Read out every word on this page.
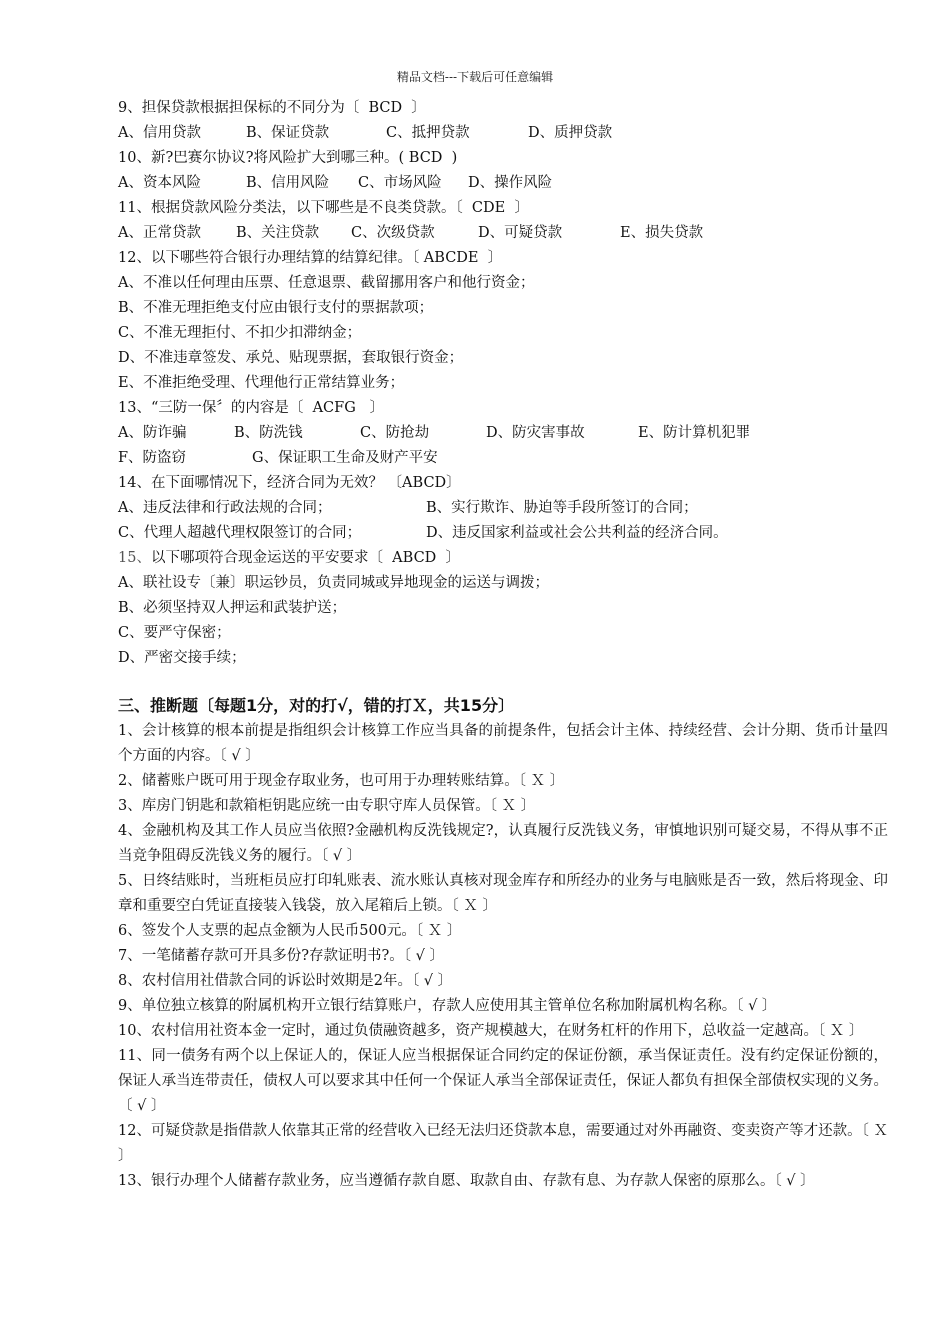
精品文档---下载后可任意编辑
9、担保贷款根据担保标的不同分为〔  BCD  〕
A、信用贷款	B、保证贷款	C、抵押贷款	D、质押贷款
10、新?巴赛尔协议?将风险扩大到哪三种。( BCD  )
A、资本风险	B、信用风险 C、市场风险 D、操作风险
11、根据贷款风险分类法，以下哪些是不良类贷款。〔  CDE  〕
A、正常贷款 B、关注贷款 C、次级贷款	D、可疑贷款	E、损失贷款
12、以下哪些符合银行办理结算的结算纪律。〔 ABCDE  〕
A、不准以任何理由压票、任意退票、截留挪用客户和他行资金；
B、不准无理拒绝支付应由银行支付的票据款项；
C、不准无理拒付、不扣少扣滞纳金；
D、不准违章签发、承兑、贴现票据，套取银行资金；
E、不准拒绝受理、代理他行正常结算业务；
13、“三防一保〞的内容是〔  ACFG   〕
A、防诈骗	B、防洗钱	C、防抢劫	D、防灾害事故	E、防计算机犯罪
F、防盗窃	G、保证职工生命及财产平安
14、在下面哪情况下，经济合同为无效？ 〔ABCD〕
A、违反法律和行政法规的合同；	B、实行欺诈、胁迫等手段所签订的合同；
C、代理人超越代理权限签订的合同；	D、违反国家利益或社会公共利益的经济合同。
15、以下哪项符合现金运送的平安要求〔  ABCD  〕
A、联社设专〔兼〕职运钞员，负责同城或异地现金的运送与调拨；
B、必须坚持双人押运和武装护送；
C、要严守保密；
D、严密交接手续；
三、推断题〔每题1分，对的打√，错的打Ｘ，共15分〕
1、会计核算的根本前提是指组织会计核算工作应当具备的前提条件，包括会计主体、持续经营、会计分期、货币计量四个方面的内容。〔 √ 〕
2、储蓄账户既可用于现金存取业务，也可用于办理转账结算。〔 Ｘ 〕
3、库房门钥匙和款箱柜钥匙应统一由专职守库人员保管。〔 Ｘ 〕
4、金融机构及其工作人员应当依照?金融机构反洗钱规定?，认真履行反洗钱义务，审慎地识别可疑交易，不得从事不正当竞争阻碍反洗钱义务的履行。〔 √ 〕
5、日终结账时，当班柜员应打印轧账表、流水账认真核对现金库存和所经办的业务与电脑账是否一致，然后将现金、印章和重要空白凭证直接装入钱袋，放入尾箱后上锁。〔 Ｘ 〕
6、签发个人支票的起点金额为人民币500元。〔 Ｘ 〕
7、一笔储蓄存款可开具多份?存款证明书?。〔 √ 〕
8、农村信用社借款合同的诉讼时效期是2年。〔 √ 〕
9、单位独立核算的附属机构开立银行结算账户，存款人应使用其主管单位名称加附属机构名称。〔 √ 〕
10、农村信用社资本金一定时，通过负债融资越多，资产规模越大，在财务杠杆的作用下，总收益一定越高。〔 Ｘ 〕
11、同一债务有两个以上保证人的，保证人应当根据保证合同约定的保证份额，承当保证责任。没有约定保证份额的，保证人承当连带责任，债权人可以要求其中任何一个保证人承当全部保证责任，保证人都负有担保全部债权实现的义务。〔 √ 〕
12、可疑贷款是指借款人依靠其正常的经营收入已经无法归还贷款本息，需要通过对外再融资、变卖资产等才还款。〔 Ｘ 〕
13、银行办理个人储蓄存款业务，应当遵循存款自愿、取款自由、存款有息、为存款人保密的原那么。〔 √ 〕
